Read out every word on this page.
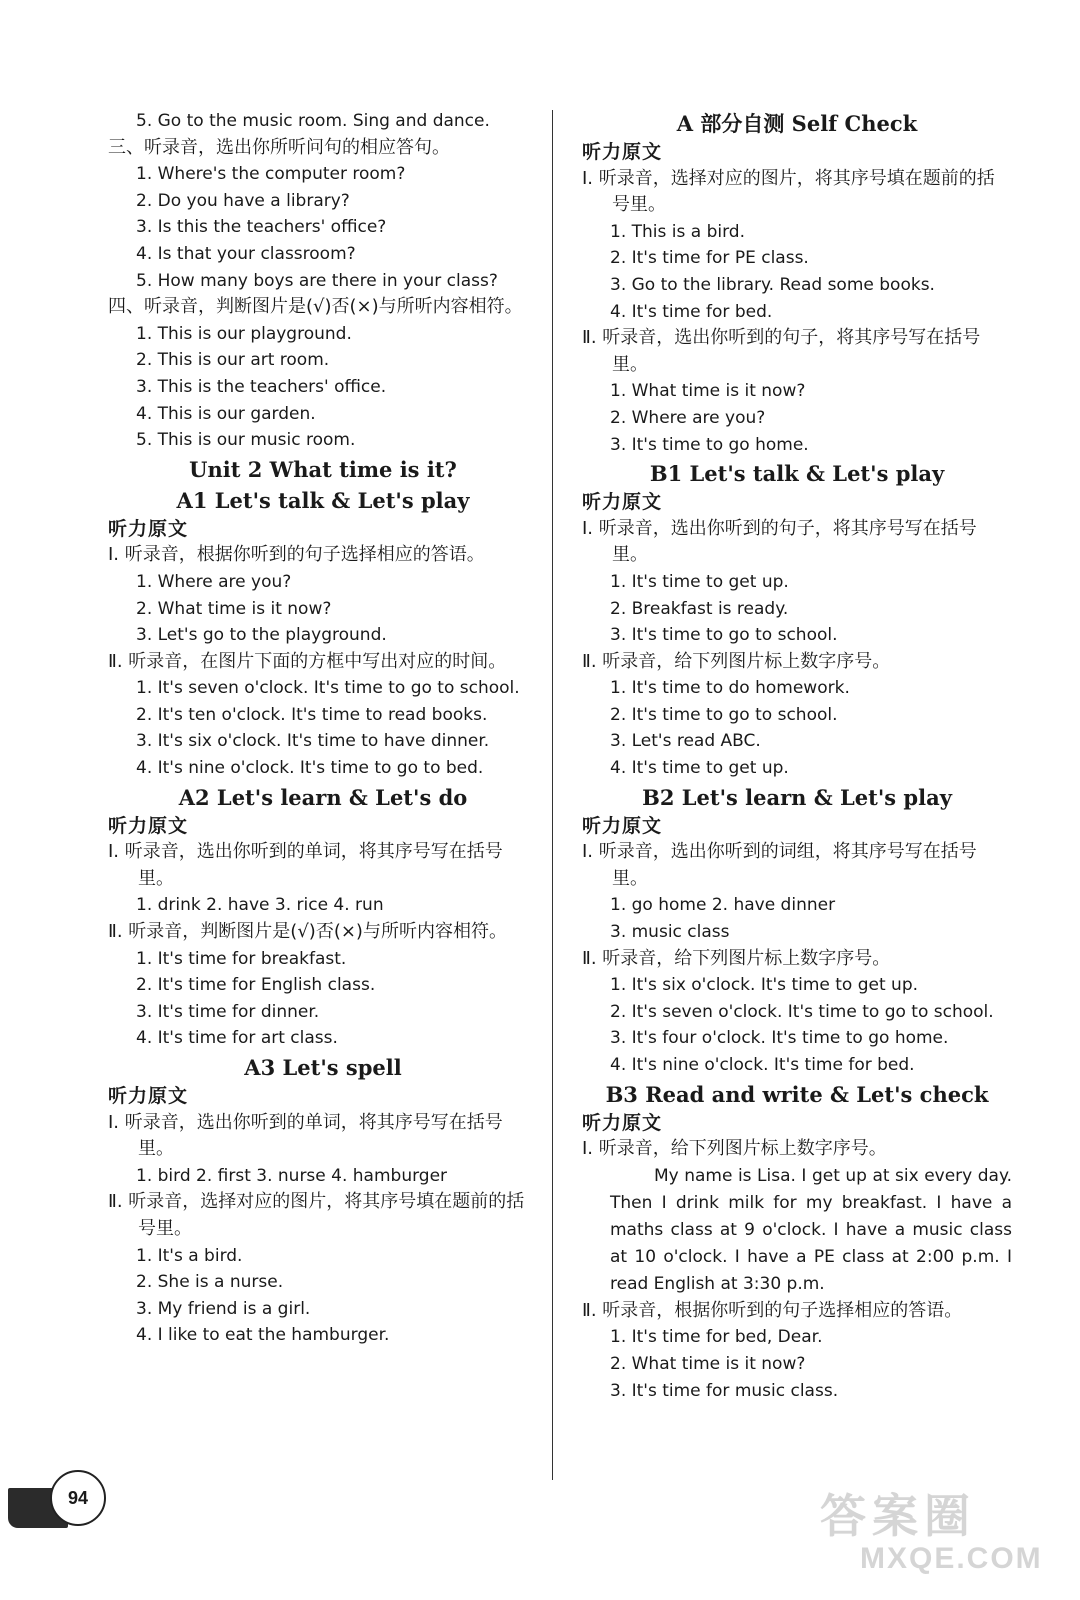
5. Go to the music room. Sing and dance.
三、听录音，选出你所听问句的相应答句。
1. Where's the computer room?
2. Do you have a library?
3. Is this the teachers' office?
4. Is that your classroom?
5. How many boys are there in your class?
四、听录音，判断图片是(√)否(×)与所听内容相符。
1. This is our playground.
2. This is our art room.
3. This is the teachers' office.
4. This is our garden.
5. This is our music room.
Unit 2 What time is it?
A1 Let's talk & Let's play
听力原文
Ⅰ. 听录音，根据你听到的句子选择相应的答语。
1. Where are you?
2. What time is it now?
3. Let's go to the playground.
Ⅱ. 听录音，在图片下面的方框中写出对应的时间。
1. It's seven o'clock. It's time to go to school.
2. It's ten o'clock. It's time to read books.
3. It's six o'clock. It's time to have dinner.
4. It's nine o'clock. It's time to go to bed.
A2 Let's learn & Let's do
听力原文
Ⅰ. 听录音，选出你听到的单词，将其序号写在括号里。
1. drink 2. have 3. rice 4. run
Ⅱ. 听录音，判断图片是(√)否(×)与所听内容相符。
1. It's time for breakfast.
2. It's time for English class.
3. It's time for dinner.
4. It's time for art class.
A3 Let's spell
听力原文
Ⅰ. 听录音，选出你听到的单词，将其序号写在括号里。
1. bird 2. first 3. nurse 4. hamburger
Ⅱ. 听录音，选择对应的图片，将其序号填在题前的括号里。
1. It's a bird.
2. She is a nurse.
3. My friend is a girl.
4. I like to eat the hamburger.
A 部分自测 Self Check
听力原文
Ⅰ. 听录音，选择对应的图片，将其序号填在题前的括号里。
1. This is a bird.
2. It's time for PE class.
3. Go to the library. Read some books.
4. It's time for bed.
Ⅱ. 听录音，选出你听到的句子，将其序号写在括号里。
1. What time is it now?
2. Where are you?
3. It's time to go home.
B1 Let's talk & Let's play
听力原文
Ⅰ. 听录音，选出你听到的句子，将其序号写在括号里。
1. It's time to get up.
2. Breakfast is ready.
3. It's time to go to school.
Ⅱ. 听录音，给下列图片标上数字序号。
1. It's time to do homework.
2. It's time to go to school.
3. Let's read ABC.
4. It's time to get up.
B2 Let's learn & Let's play
听力原文
Ⅰ. 听录音，选出你听到的词组，将其序号写在括号里。
1. go home 2. have dinner
3. music class
Ⅱ. 听录音，给下列图片标上数字序号。
1. It's six o'clock. It's time to get up.
2. It's seven o'clock. It's time to go to school.
3. It's four o'clock. It's time to go home.
4. It's nine o'clock. It's time for bed.
B3 Read and write & Let's check
听力原文
Ⅰ. 听录音，给下列图片标上数字序号。
My name is Lisa. I get up at six every day. Then I drink milk for my breakfast. I have a maths class at 9 o'clock. I have a music class at 10 o'clock. I have a PE class at 2:00 p.m. I read English at 3:30 p.m.
Ⅱ. 听录音，根据你听到的句子选择相应的答语。
1. It's time for bed, Dear.
2. What time is it now?
3. It's time for music class.
94	答案圈
MXQE.COM
